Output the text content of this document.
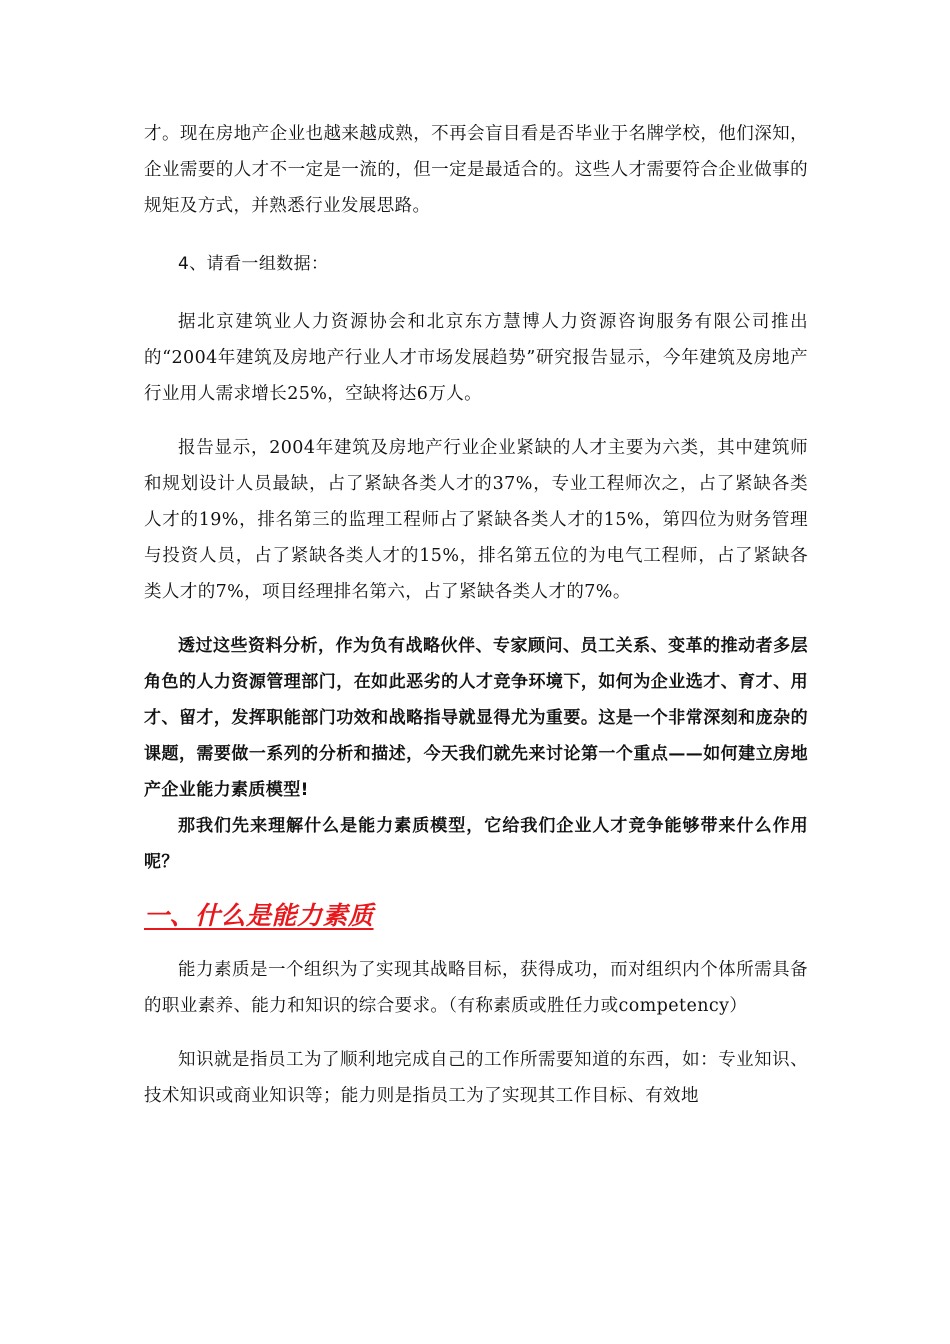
才。现在房地产企业也越来越成熟，不再会盲目看是否毕业于名牌学校，他们深知，企业需要的人才不一定是一流的，但一定是最适合的。这些人才需要符合企业做事的规矩及方式，并熟悉行业发展思路。

4、请看一组数据：

据北京建筑业人力资源协会和北京东方慧博人力资源咨询服务有限公司推出的“2004年建筑及房地产行业人才市场发展趋势”研究报告显示，今年建筑及房地产行业用人需求增长25%，空缺将达6万人。

报告显示，2004年建筑及房地产行业企业紧缺的人才主要为六类，其中建筑师和规划设计人员最缺，占了紧缺各类人才的37%，专业工程师次之，占了紧缺各类人才的19%，排名第三的监理工程师占了紧缺各类人才的15%，第四位为财务管理与投资人员，占了紧缺各类人才的15%，排名第五位的为电气工程师，占了紧缺各类人才的7%，项目经理排名第六，占了紧缺各类人才的7%。

透过这些资料分析，作为负有战略伙伴、专家顾问、员工关系、变革的推动者多层角色的人力资源管理部门，在如此恶劣的人才竞争环境下，如何为企业选才、育才、用才、留才，发挥职能部门功效和战略指导就显得尤为重要。这是一个非常深刻和庞杂的课题，需要做一系列的分析和描述，今天我们就先来讨论第一个重点——如何建立房地产企业能力素质模型!

那我们先来理解什么是能力素质模型，它给我们企业人才竞争能够带来什么作用呢？

一、什么是能力素质

能力素质是一个组织为了实现其战略目标，获得成功，而对组织内个体所需具备的职业素养、能力和知识的综合要求。（有称素质或胜任力或competency）

知识就是指员工为了顺利地完成自己的工作所需要知道的东西，如：专业知识、技术知识或商业知识等；能力则是指员工为了实现其工作目标、有效地
